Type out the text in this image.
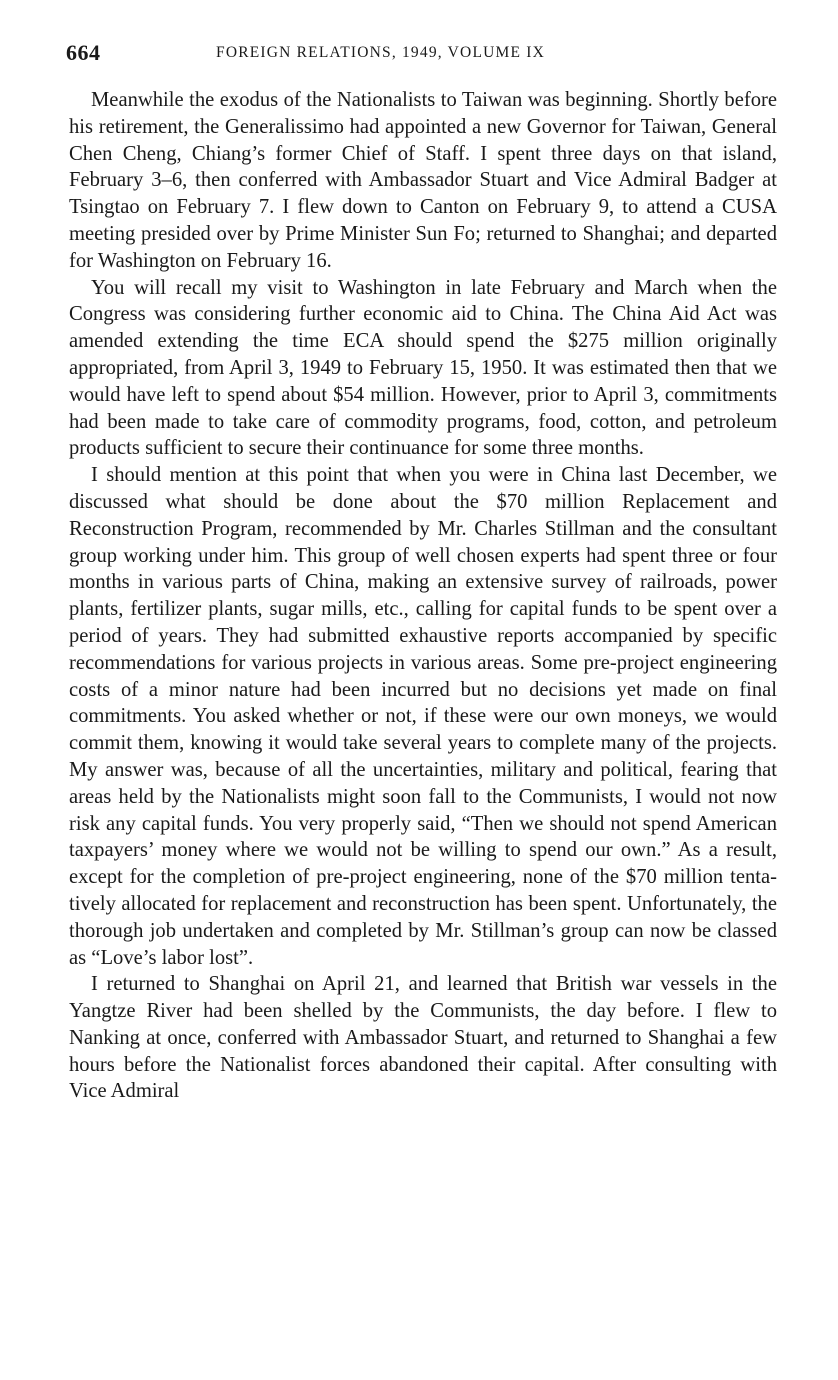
664	FOREIGN RELATIONS, 1949, VOLUME IX

Meanwhile the exodus of the Nationalists to Taiwan was beginning. Shortly before his retirement, the Generalissimo had appointed a new Governor for Taiwan, General Chen Cheng, Chiang’s former Chief of Staff. I spent three days on that island, February 3–6, then conferred with Ambassador Stuart and Vice Admiral Badger at Tsingtao on February 7. I flew down to Canton on February 9, to attend a CUSA meeting presided over by Prime Minister Sun Fo; returned to Shanghai; and departed for Washington on February 16.

You will recall my visit to Washington in late February and March when the Congress was considering further economic aid to China. The China Aid Act was amended extending the time ECA should spend the $275 million originally appropriated, from April 3, 1949 to February 15, 1950. It was estimated then that we would have left to spend about $54 million. However, prior to April 3, commitments had been made to take care of commodity programs, food, cotton, and petroleum products sufficient to secure their continuance for some three months.

I should mention at this point that when you were in China last December, we discussed what should be done about the $70 million Replacement and Reconstruction Program, recommended by Mr. Charles Stillman and the consultant group working under him. This group of well chosen experts had spent three or four months in various parts of China, making an extensive survey of railroads, power plants, fertilizer plants, sugar mills, etc., calling for capital funds to be spent over a period of years. They had submitted exhaustive reports accompanied by specific recommendations for various projects in various areas. Some pre-project engineering costs of a minor nature had been incurred but no decisions yet made on final commitments. You asked whether or not, if these were our own moneys, we would commit them, knowing it would take several years to complete many of the projects. My answer was, because of all the uncertainties, military and political, fearing that areas held by the Nationalists might soon fall to the Communists, I would not now risk any capital funds. You very properly said, “Then we should not spend American taxpayers’ money where we would not be willing to spend our own.” As a result, except for the completion of pre-project engineering, none of the $70 million tentatively allocated for replacement and reconstruction has been spent. Unfortunately, the thorough job undertaken and completed by Mr. Stillman’s group can now be classed as “Love’s labor lost”.

I returned to Shanghai on April 21, and learned that British war vessels in the Yangtze River had been shelled by the Communists, the day before. I flew to Nanking at once, conferred with Ambassador Stuart, and returned to Shanghai a few hours before the Nationalist forces abandoned their capital. After consulting with Vice Admiral
